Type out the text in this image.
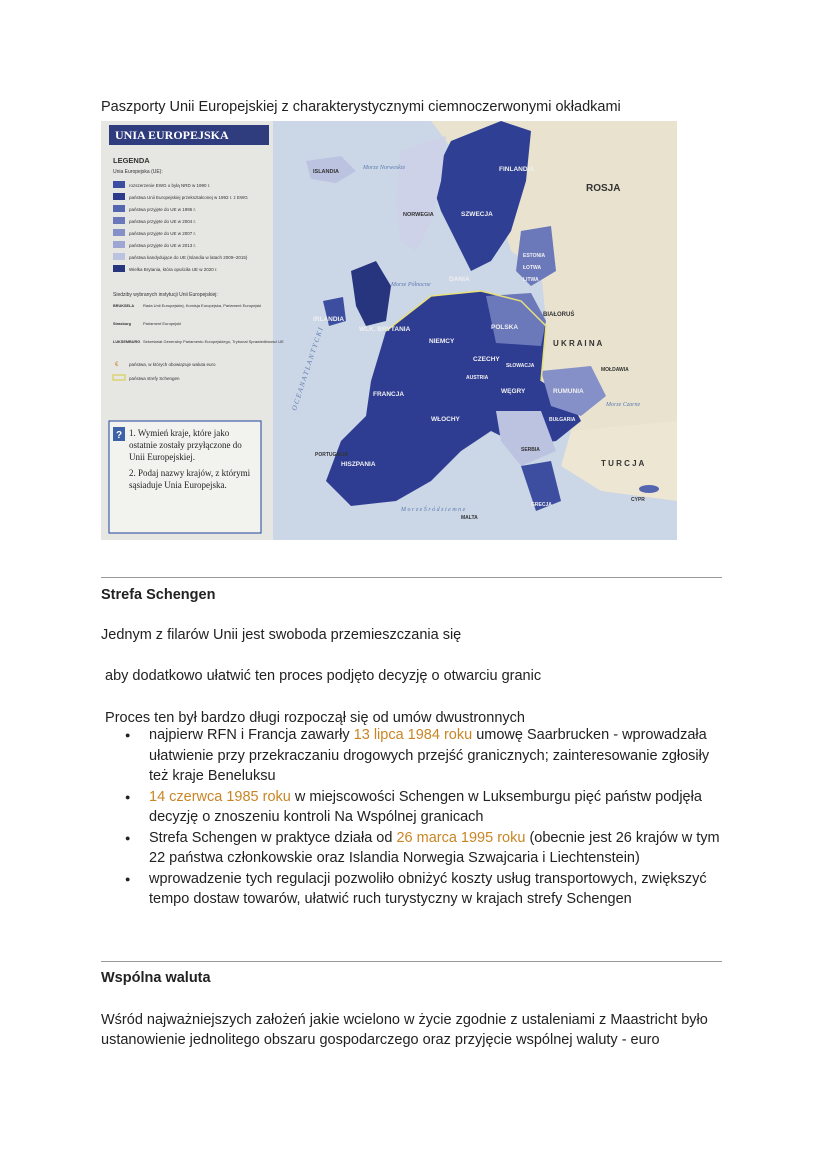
Paszporty Unii Europejskiej z charakterystycznymi ciemnoczerwonymi okładkami
UNIA EUROPEJSKA
LEGENDA
Unia Europejska (UE):
rozszerzenie EWG o byłą NRD w 1990 r.
państwa Unii Europejskiej przekształconej w 1992 r. z EWG
państwa przyjęte do UE w 1995 r.
państwa przyjęte do UE w 2004 r.
państwa przyjęte do UE w 2007 r.
państwa przyjęte do UE w 2013 r.
państwa kandydujące do UE (Islandia w latach 2009–2015)
Wielka Brytania, która opuściła UE w 2020 r.
Siedziby wybranych instytucji Unii Europejskiej:
BRUKSELA Rada Unii Europejskiej, Komisja Europejska, Parlament Europejski
Strasburg	Parlament Europejski
LUKSEMBURG Sekretariat Generalny Parlamentu Europejskiego, Trybunał Sprawiedliwości UE
€ państwa, w których obowiązuje waluta euro
państwa strefy Schengen
? 1. Wymień kraje, które jako ostatnie zostały przyłączone do Unii Europejskiej.
2. Podaj nazwy krajów, z którymi sąsiaduje Unia Europejska.
POLSKA
NIEMCY
FRANCJA	RUMUNIA
WĘGRY
CZECHY
WŁOCHY
HISZPANIA
WLK. BRYTANIA
IRLANDIA
ISLANDIA
SZWECJA
FINLANDIA
NORWEGIA
DANIA	LITWA
ŁOTWA
ESTONIA
BUŁGARIA
SERBIA
AUSTRIA
SŁOWACJA
PORTUGALIA
GRECJA
CYPR
MALTA
MOŁDAWIA
ROSJA
U K R A I N A
T U R C J A
BIAŁORUŚ
O C E A N A T L A N T Y C K I
Morze Norweskie
Morze Północne
Morze Czarne
M o r z e Ś r ó d z i e m n e
Strefa Schengen
Jednym z filarów Unii jest swoboda przemieszczania się
aby dodatkowo ułatwić ten proces podjęto decyzję o otwarciu granic
Proces ten był bardzo długi rozpoczął się od umów dwustronnych
● najpierw RFN i Francja zawarły 13 lipca 1984 roku umowę Saarbrucken - wprowadzała ułatwienie przy przekraczaniu drogowych przejść granicznych; zainteresowanie zgłosiły też kraje Beneluksu
● 14 czerwca 1985 roku w miejscowości Schengen w Luksemburgu pięć państw podjęła decyzję o znoszeniu kontroli Na Wspólnej granicach
● Strefa Schengen w praktyce działa od 26 marca 1995 roku (obecnie jest 26 krajów w tym 22 państwa członkowskie oraz Islandia Norwegia Szwajcaria i Liechtenstein)
● wprowadzenie tych regulacji pozwoliło obniżyć koszty usług transportowych, zwiększyć tempo dostaw towarów, ułatwić ruch turystyczny w krajach strefy Schengen
Wspólna waluta
Wśród najważniejszych założeń jakie wcielono w życie zgodnie z ustaleniami z Maastricht było ustanowienie jednolitego obszaru gospodarczego oraz przyjęcie wspólnej waluty - euro
